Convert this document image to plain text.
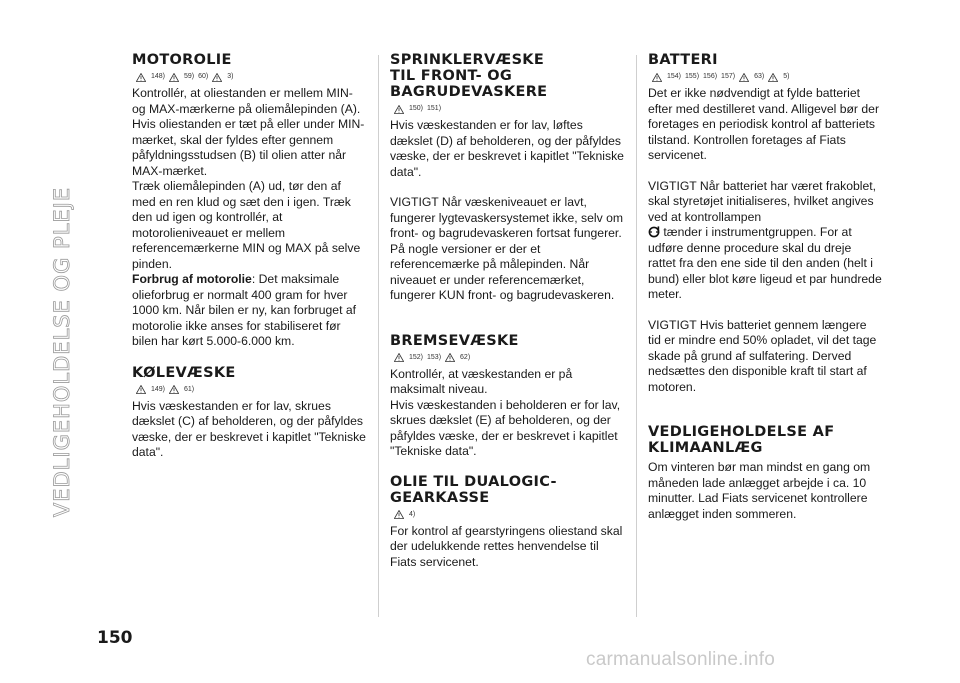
VEDLIGEHOLDELSE OG PLEJE
150
MOTOROLIE
148)	59) 60)	3)

Kontrollér, at oliestanden er mellem MIN- og MAX-mærkerne på oliemålepinden (A). Hvis oliestanden er tæt på eller under MIN-mærket, skal der fyldes efter gennem påfyldningsstudsen (B) til olien atter når MAX-mærket.

Træk oliemålepinden (A) ud, tør den af med en ren klud og sæt den i igen. Træk den ud igen og kontrollér, at motorolieniveauet er mellem referencemærkerne MIN og MAX på selve pinden.

Forbrug af motorolie: Det maksimale olieforbrug er normalt 400 gram for hver 1000 km. Når bilen er ny, kan forbruget af motorolie ikke anses for stabiliseret før bilen har kørt 5.000-6.000 km.

KØLEVÆSKE
149)	61)

Hvis væskestanden er for lav, skrues dækslet (C) af beholderen, og der påfyldes væske, der er beskrevet i kapitlet "Tekniske data".

SPRINKLERVÆSKE
TIL FRONT- OG
BAGRUDEVASKERE
150) 151)

Hvis væskestanden er for lav, løftes dækslet (D) af beholderen, og der påfyldes væske, der er beskrevet i kapitlet "Tekniske data".

VIGTIGT Når væskeniveauet er lavt, fungerer lygtevaskersystemet ikke, selv om front- og bagrudevaskeren fortsat fungerer. På nogle versioner er der et referencemærke på målepinden. Når niveauet er under referencemærket, fungerer KUN front- og bagrudevaskeren.

BREMSEVÆSKE
152) 153)	62)

Kontrollér, at væskestanden er på maksimalt niveau.

Hvis væskestanden i beholderen er for lav, skrues dækslet (E) af beholderen, og der påfyldes væske, der er beskrevet i kapitlet "Tekniske data".

OLIE TIL DUALOGIC-
GEARKASSE
4)

For kontrol af gearstyringens oliestand skal der udelukkende rettes henvendelse til Fiats servicenet.

BATTERI
154) 155) 156) 157)	63)	5)

Det er ikke nødvendigt at fylde batteriet efter med destilleret vand. Alligevel bør der foretages en periodisk kontrol af batteriets tilstand. Kontrollen foretages af Fiats servicenet.

VIGTIGT Når batteriet har været frakoblet, skal styretøjet initialiseres, hvilket angives ved at kontrollampen
tænder i instrumentgruppen. For at udføre denne procedure skal du dreje rattet fra den ene side til den anden (helt i bund) eller blot køre ligeud et par hundrede meter.

VIGTIGT Hvis batteriet gennem længere tid er mindre end 50% opladet, vil det tage skade på grund af sulfatering. Derved nedsættes den disponible kraft til start af motoren.

VEDLIGEHOLDELSE AF
KLIMAANLÆG

Om vinteren bør man mindst en gang om måneden lade anlægget arbejde i ca. 10 minutter. Lad Fiats servicenet kontrollere anlægget inden sommeren.

carmanualsonline.info
